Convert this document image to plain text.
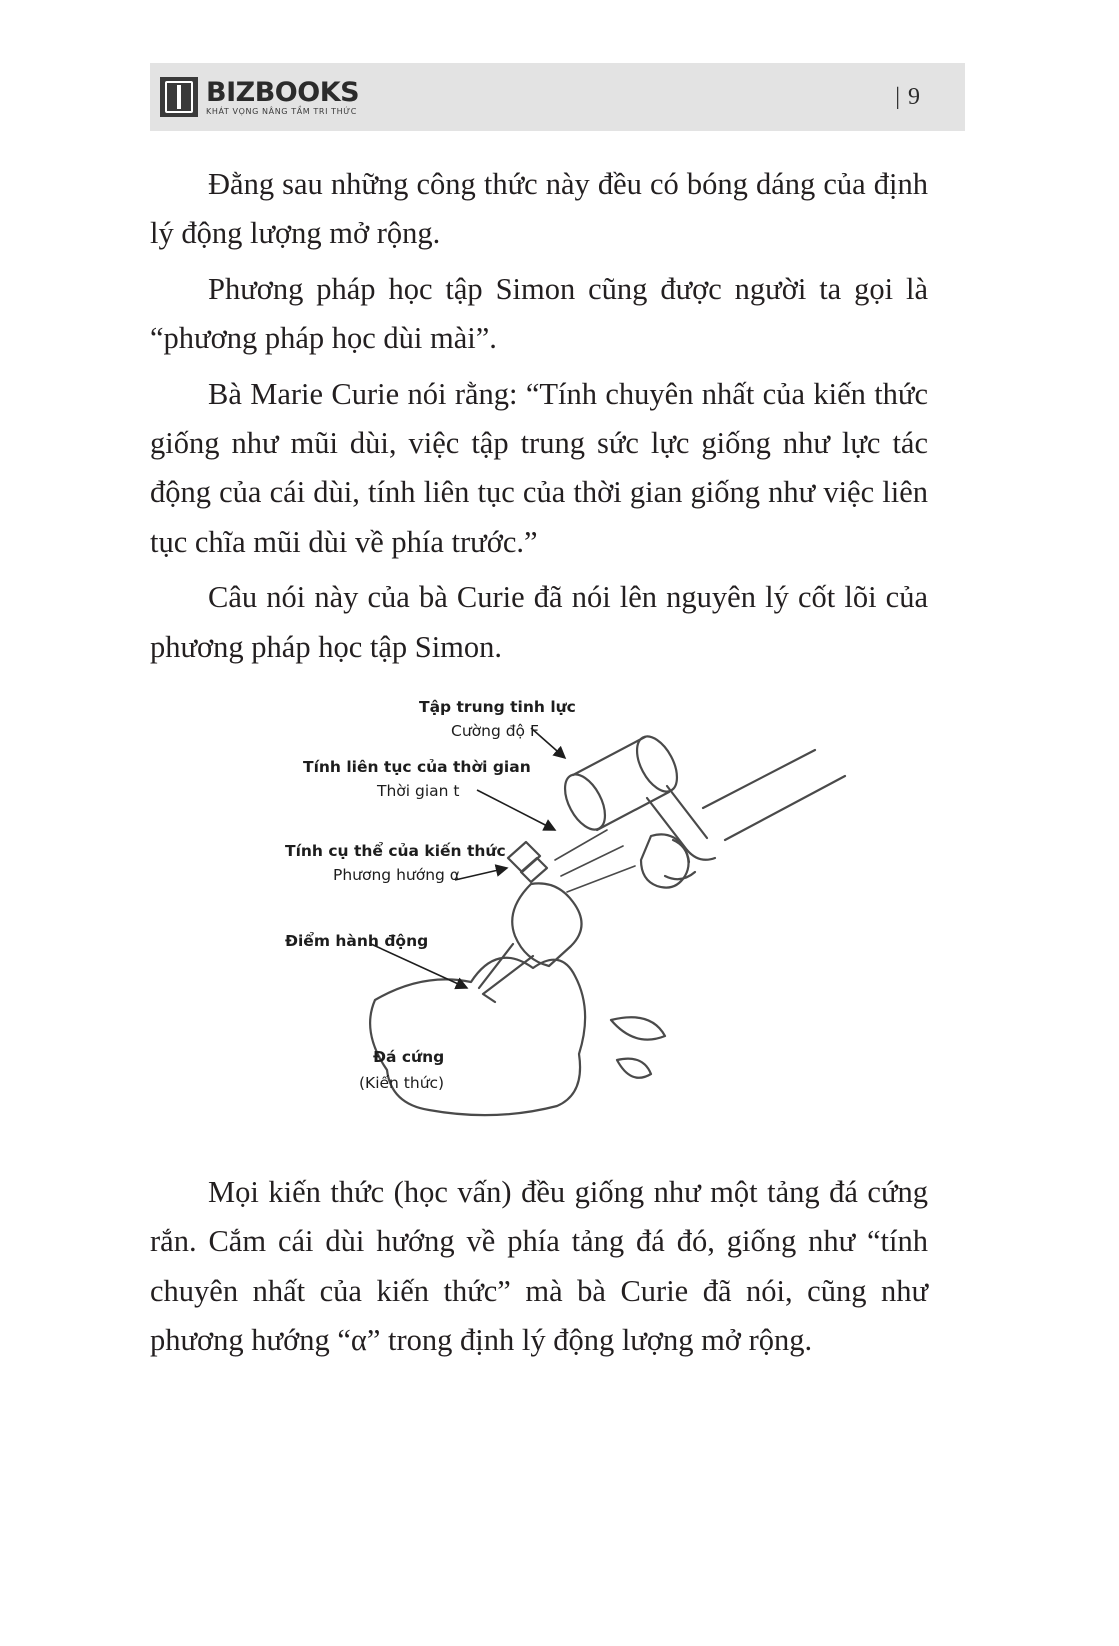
BIZBOOKS
KHÁT VỌNG NÂNG TẦM TRI THỨC
| 9

Đằng sau những công thức này đều có bóng dáng của định lý động lượng mở rộng.

Phương pháp học tập Simon cũng được người ta gọi là “phương pháp học dùi mài”.

Bà Marie Curie nói rằng: “Tính chuyên nhất của kiến thức giống như mũi dùi, việc tập trung sức lực giống như lực tác động của cái dùi, tính liên tục của thời gian giống như việc liên tục chĩa mũi dùi về phía trước.”

Câu nói này của bà Curie đã nói lên nguyên lý cốt lõi của phương pháp học tập Simon.

Tập trung tinh lực
Cường độ F
Tính liên tục của thời gian
Thời gian t
Tính cụ thể của kiến thức
Phương hướng α
Điểm hành động
Đá cứng
(Kiến thức)

Mọi kiến thức (học vấn) đều giống như một tảng đá cứng rắn. Cắm cái dùi hướng về phía tảng đá đó, giống như “tính chuyên nhất của kiến thức” mà bà Curie đã nói, cũng như phương hướng “α” trong định lý động lượng mở rộng.
